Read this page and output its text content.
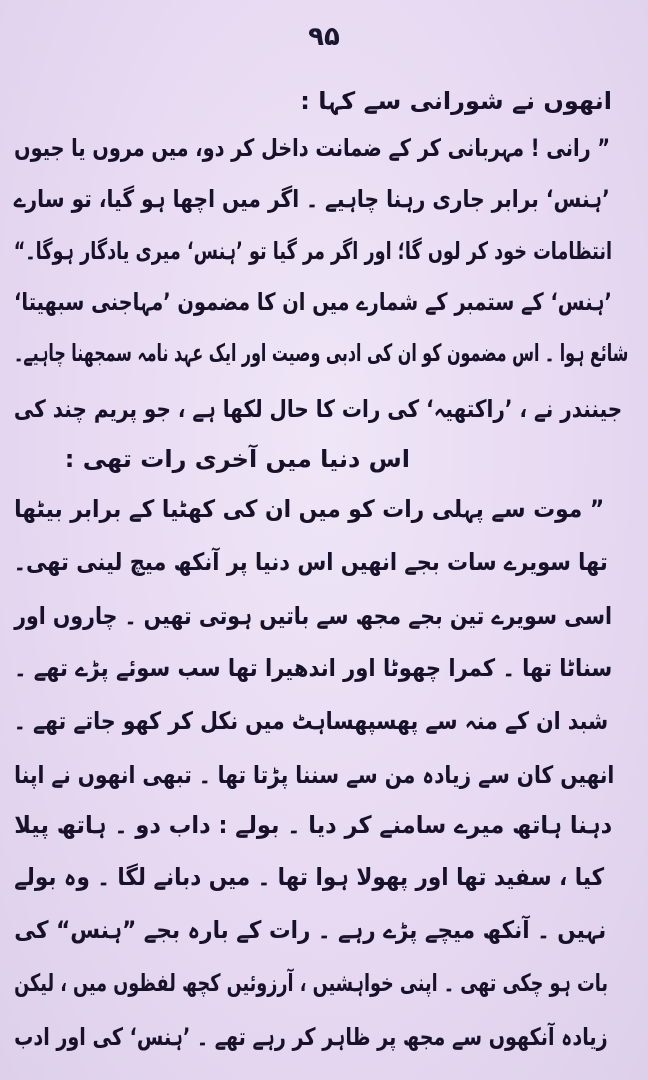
۹۵
انھوں نے شورانی سے کہا :
” رانی ! مہربانی کر کے ضمانت داخل کر دو، میں مروں یا جیوں
’ہنس‘ برابر جاری رہنا چاہیے ۔ اگر میں اچھا ہو گیا، تو سارے
انتظامات خود کر لوں گا؛ اور اگر مر گیا تو ’ہنس‘ میری یادگار ہوگا۔“
’ہنس‘ کے ستمبر کے شمارے میں ان کا مضمون ’مہاجنی سبھیتا‘
شائع ہوا ۔ اس مضمون کو ان کی ادبی وصیت اور ایک عہد نامہ سمجھنا چاہیے۔
جینندر نے ، ’راکتھیہ‘ کی رات کا حال لکھا ہے ، جو پریم چند کی
اس دنیا میں آخری رات تھی :
” موت سے پہلی رات کو میں ان کی کھٹیا کے برابر بیٹھا
تھا سویرے سات بجے انھیں اس دنیا پر آنکھ میچ لینی تھی۔
اسی سویرے تین بجے مجھ سے باتیں ہوتی تھیں ۔ چاروں اور
سناٹا تھا ۔ کمرا چھوٹا اور اندھیرا تھا سب سوئے پڑے تھے ۔
شبد ان کے منہ سے پھسپھساہٹ میں نکل کر کھو جاتے تھے ۔
انھیں کان سے زیادہ من سے سننا پڑتا تھا ۔ تبھی انھوں نے اپنا
دہنا ہاتھ میرے سامنے کر دیا ۔ بولے : داب دو ۔ ہاتھ پیلا
کیا ، سفید تھا اور پھولا ہوا تھا ۔ میں دبانے لگا ۔ وہ بولے
نہیں ۔ آنکھ میچے پڑے رہے ۔ رات کے بارہ بجے ”ہنس“ کی
بات ہو چکی تھی ۔ اپنی خواہشیں ، آرزوئیں کچھ لفظوں میں ، لیکن
زیادہ آنکھوں سے مجھ پر ظاہر کر رہے تھے ۔ ’ہنس‘ کی اور ادب
